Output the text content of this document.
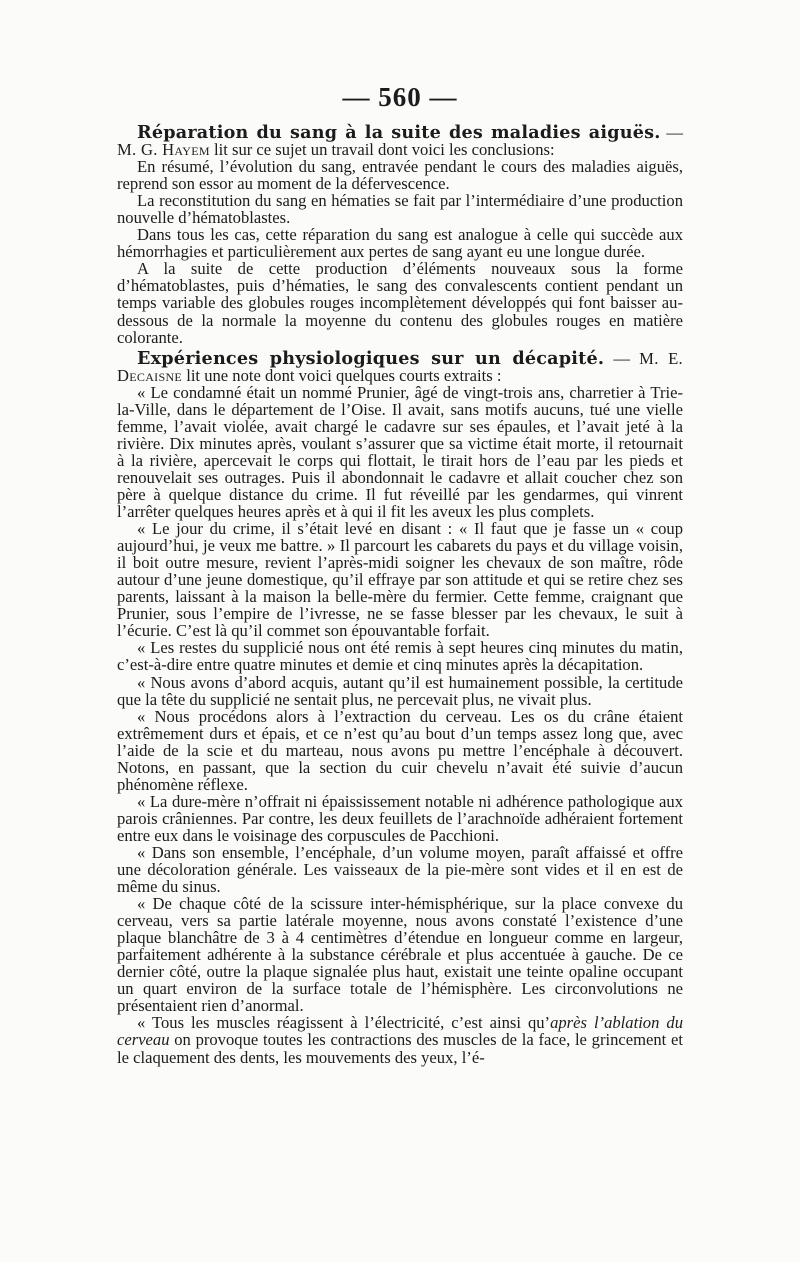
— 560 —

Réparation du sang à la suite des maladies aiguës. — M. G. Hayem lit sur ce sujet un travail dont voici les conclusions:

En résumé, l’évolution du sang, entravée pendant le cours des maladies aiguës, reprend son essor au moment de la défervescence.

La reconstitution du sang en hématies se fait par l’intermédiaire d’une production nouvelle d’hématoblastes.

Dans tous les cas, cette réparation du sang est analogue à celle qui succède aux hémorrhagies et particulièrement aux pertes de sang ayant eu une longue durée.

A la suite de cette production d’éléments nouveaux sous la forme d’hématoblastes, puis d’hématies, le sang des convalescents contient pendant un temps variable des globules rouges incomplètement développés qui font baisser au-dessous de la normale la moyenne du contenu des globules rouges en matière colorante.

Expériences physiologiques sur un décapité. — M. E. Decaisne lit une note dont voici quelques courts extraits :

« Le condamné était un nommé Prunier, âgé de vingt-trois ans, charretier à Trie-la-Ville, dans le département de l’Oise. Il avait, sans motifs aucuns, tué une vielle femme, l’avait violée, avait chargé le cadavre sur ses épaules, et l’avait jeté à la rivière. Dix minutes après, voulant s’assurer que sa victime était morte, il retournait à la rivière, apercevait le corps qui flottait, le tirait hors de l’eau par les pieds et renouvelait ses outrages. Puis il abondonnait le cadavre et allait coucher chez son père à quelque distance du crime. Il fut réveillé par les gendarmes, qui vinrent l’arrêter quelques heures après et à qui il fit les aveux les plus complets.

« Le jour du crime, il s’était levé en disant : « Il faut que je fasse un « coup aujourd’hui, je veux me battre. » Il parcourt les cabarets du pays et du village voisin, il boit outre mesure, revient l’après-midi soigner les chevaux de son maître, rôde autour d’une jeune domestique, qu’il effraye par son attitude et qui se retire chez ses parents, laissant à la maison la belle-mère du fermier. Cette femme, craignant que Prunier, sous l’empire de l’ivresse, ne se fasse blesser par les chevaux, le suit à l’écurie. C’est là qu’il commet son épouvantable forfait.

« Les restes du supplicié nous ont été remis à sept heures cinq minutes du matin, c’est-à-dire entre quatre minutes et demie et cinq minutes après la décapitation.

« Nous avons d’abord acquis, autant qu’il est humainement possible, la certitude que la tête du supplicié ne sentait plus, ne percevait plus, ne vivait plus.

« Nous procédons alors à l’extraction du cerveau. Les os du crâne étaient extrêmement durs et épais, et ce n’est qu’au bout d’un temps assez long que, avec l’aide de la scie et du marteau, nous avons pu mettre l’encéphale à découvert. Notons, en passant, que la section du cuir chevelu n’avait été suivie d’aucun phénomène réflexe.

« La dure-mère n’offrait ni épaississement notable ni adhérence pathologique aux parois crâniennes. Par contre, les deux feuillets de l’arachnoïde adhéraient fortement entre eux dans le voisinage des corpuscules de Pacchioni.

« Dans son ensemble, l’encéphale, d’un volume moyen, paraît affaissé et offre une décoloration générale. Les vaisseaux de la pie-mère sont vides et il en est de même du sinus.

« De chaque côté de la scissure inter-hémisphérique, sur la place convexe du cerveau, vers sa partie latérale moyenne, nous avons constaté l’existence d’une plaque blanchâtre de 3 à 4 centimètres d’étendue en longueur comme en largeur, parfaitement adhérente à la substance cérébrale et plus accentuée à gauche. De ce dernier côté, outre la plaque signalée plus haut, existait une teinte opaline occupant un quart environ de la surface totale de l’hémisphère. Les circonvolutions ne présentaient rien d’anormal.

« Tous les muscles réagissent à l’électricité, c’est ainsi qu’après l’ablation du cerveau on provoque toutes les contractions des muscles de la face, le grincement et le claquement des dents, les mouvements des yeux, l’é-
